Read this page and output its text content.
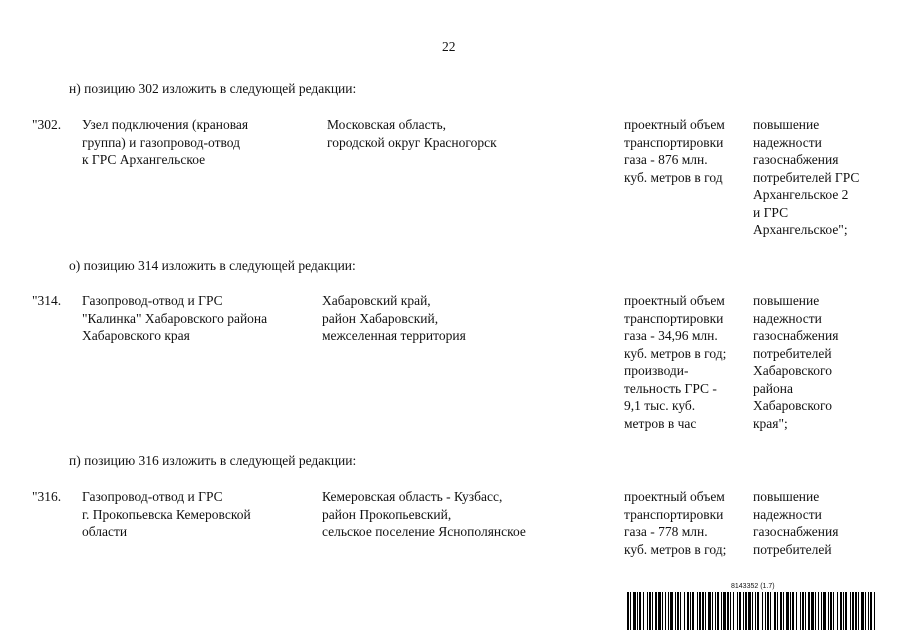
22
н) позицию 302 изложить в следующей редакции:
"302. Узел подключения (крановая
группа) и газопровод-отвод
к ГРС Архангельское
Московская область,
городской округ Красногорск
проектный объем
транспортировки
газа - 876 млн.
куб. метров в год
повышение
надежности
газоснабжения
потребителей ГРС
Архангельское 2
и ГРС
Архангельское";
о) позицию 314 изложить в следующей редакции:
"314. Газопровод-отвод и ГРС
"Калинка" Хабаровского района
Хабаровского края
Хабаровский край,
район Хабаровский,
межселенная территория
проектный объем
транспортировки
газа - 34,96 млн.
куб. метров в год;
производи-
тельность ГРС -
9,1 тыс. куб.
метров в час
повышение
надежности
газоснабжения
потребителей
Хабаровского
района
Хабаровского
края";
п) позицию 316 изложить в следующей редакции:
"316. Газопровод-отвод и ГРС
г. Прокопьевска Кемеровской
области
Кемеровская область - Кузбасс,
район Прокопьевский,
сельское поселение Яснополянское
проектный объем
транспортировки
газа - 778 млн.
куб. метров в год;
повышение
надежности
газоснабжения
потребителей
8143352 (1.7)
